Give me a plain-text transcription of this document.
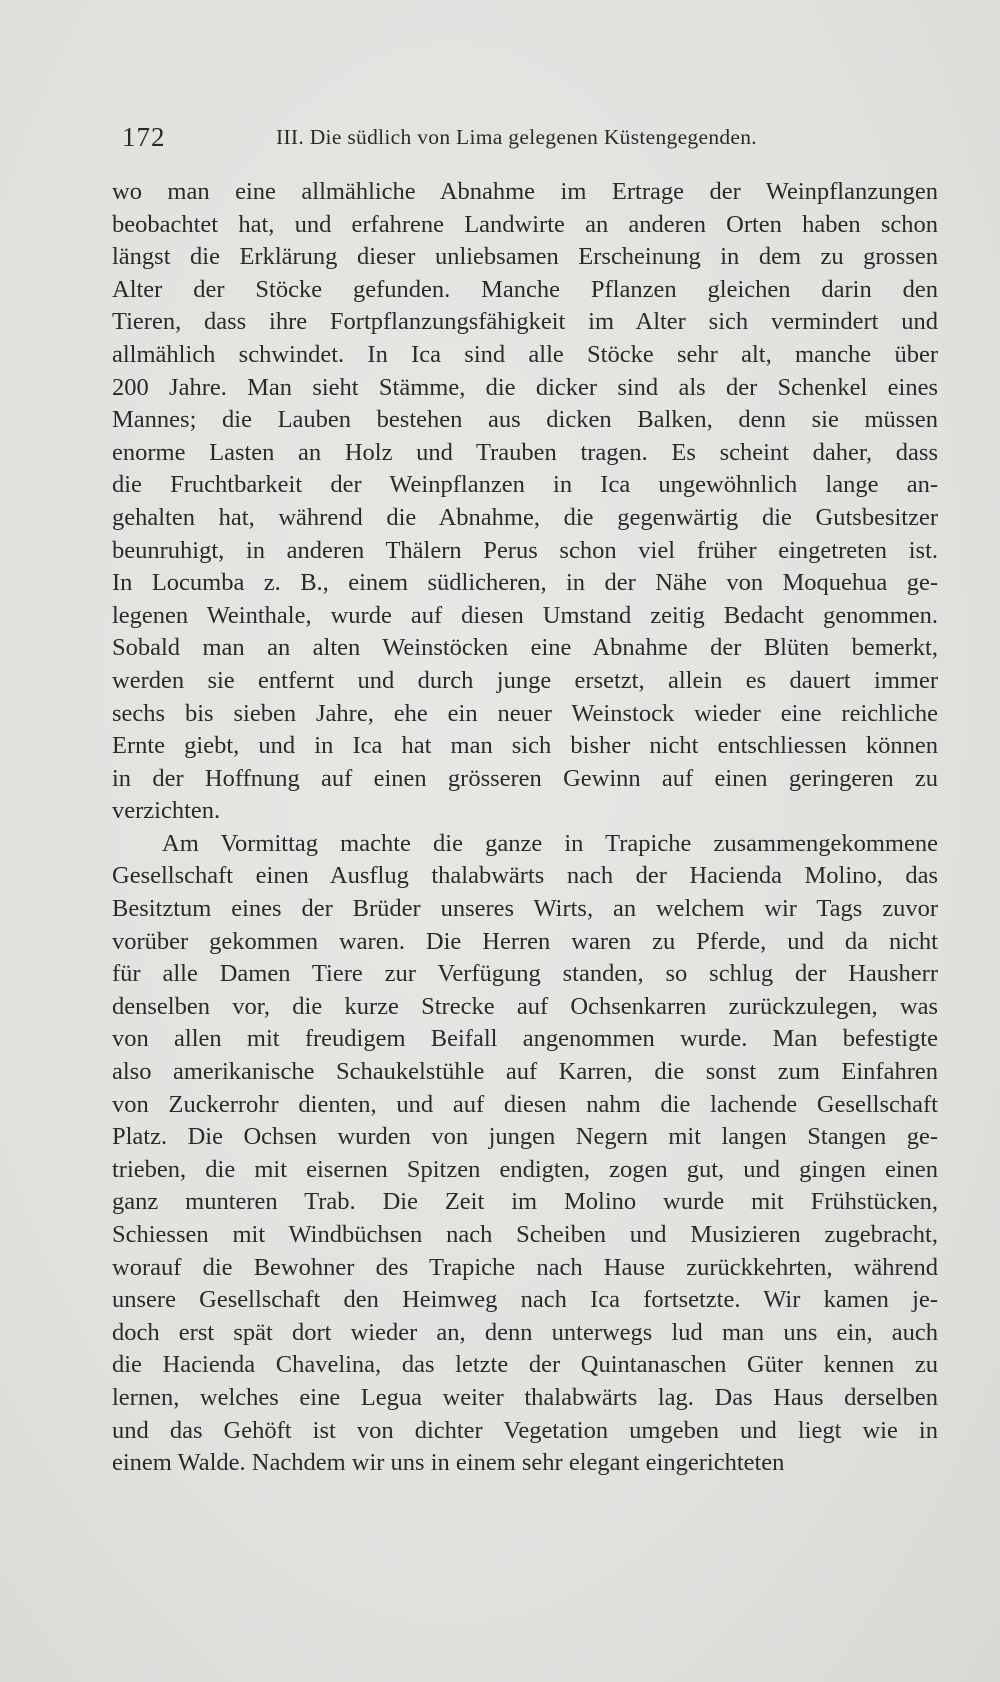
172	III. Die südlich von Lima gelegenen Küstengegenden.
wo man eine allmähliche Abnahme im Ertrage der Weinpflanzungen
beobachtet hat, und erfahrene Landwirte an anderen Orten haben schon
längst die Erklärung dieser unliebsamen Erscheinung in dem zu grossen
Alter der Stöcke gefunden. Manche Pflanzen gleichen darin den
Tieren, dass ihre Fortpflanzungsfähigkeit im Alter sich vermindert und
allmählich schwindet. In Ica sind alle Stöcke sehr alt, manche über
200 Jahre. Man sieht Stämme, die dicker sind als der Schenkel eines
Mannes; die Lauben bestehen aus dicken Balken, denn sie müssen
enorme Lasten an Holz und Trauben tragen. Es scheint daher, dass
die Fruchtbarkeit der Weinpflanzen in Ica ungewöhnlich lange an-
gehalten hat, während die Abnahme, die gegenwärtig die Gutsbesitzer
beunruhigt, in anderen Thälern Perus schon viel früher eingetreten ist.
In Locumba z. B., einem südlicheren, in der Nähe von Moquehua ge-
legenen Weinthale, wurde auf diesen Umstand zeitig Bedacht genommen.
Sobald man an alten Weinstöcken eine Abnahme der Blüten bemerkt,
werden sie entfernt und durch junge ersetzt, allein es dauert immer
sechs bis sieben Jahre, ehe ein neuer Weinstock wieder eine reichliche
Ernte giebt, und in Ica hat man sich bisher nicht entschliessen können
in der Hoffnung auf einen grösseren Gewinn auf einen geringeren zu
verzichten.
Am Vormittag machte die ganze in Trapiche zusammengekommene
Gesellschaft einen Ausflug thalabwärts nach der Hacienda Molino, das
Besitztum eines der Brüder unseres Wirts, an welchem wir Tags zuvor
vorüber gekommen waren. Die Herren waren zu Pferde, und da nicht
für alle Damen Tiere zur Verfügung standen, so schlug der Hausherr
denselben vor, die kurze Strecke auf Ochsenkarren zurückzulegen, was
von allen mit freudigem Beifall angenommen wurde. Man befestigte
also amerikanische Schaukelstühle auf Karren, die sonst zum Einfahren
von Zuckerrohr dienten, und auf diesen nahm die lachende Gesellschaft
Platz. Die Ochsen wurden von jungen Negern mit langen Stangen ge-
trieben, die mit eisernen Spitzen endigten, zogen gut, und gingen einen
ganz munteren Trab. Die Zeit im Molino wurde mit Frühstücken,
Schiessen mit Windbüchsen nach Scheiben und Musizieren zugebracht,
worauf die Bewohner des Trapiche nach Hause zurückkehrten, während
unsere Gesellschaft den Heimweg nach Ica fortsetzte. Wir kamen je-
doch erst spät dort wieder an, denn unterwegs lud man uns ein, auch
die Hacienda Chavelina, das letzte der Quintanaschen Güter kennen zu
lernen, welches eine Legua weiter thalabwärts lag. Das Haus derselben
und das Gehöft ist von dichter Vegetation umgeben und liegt wie in
einem Walde. Nachdem wir uns in einem sehr elegant eingerichteten
